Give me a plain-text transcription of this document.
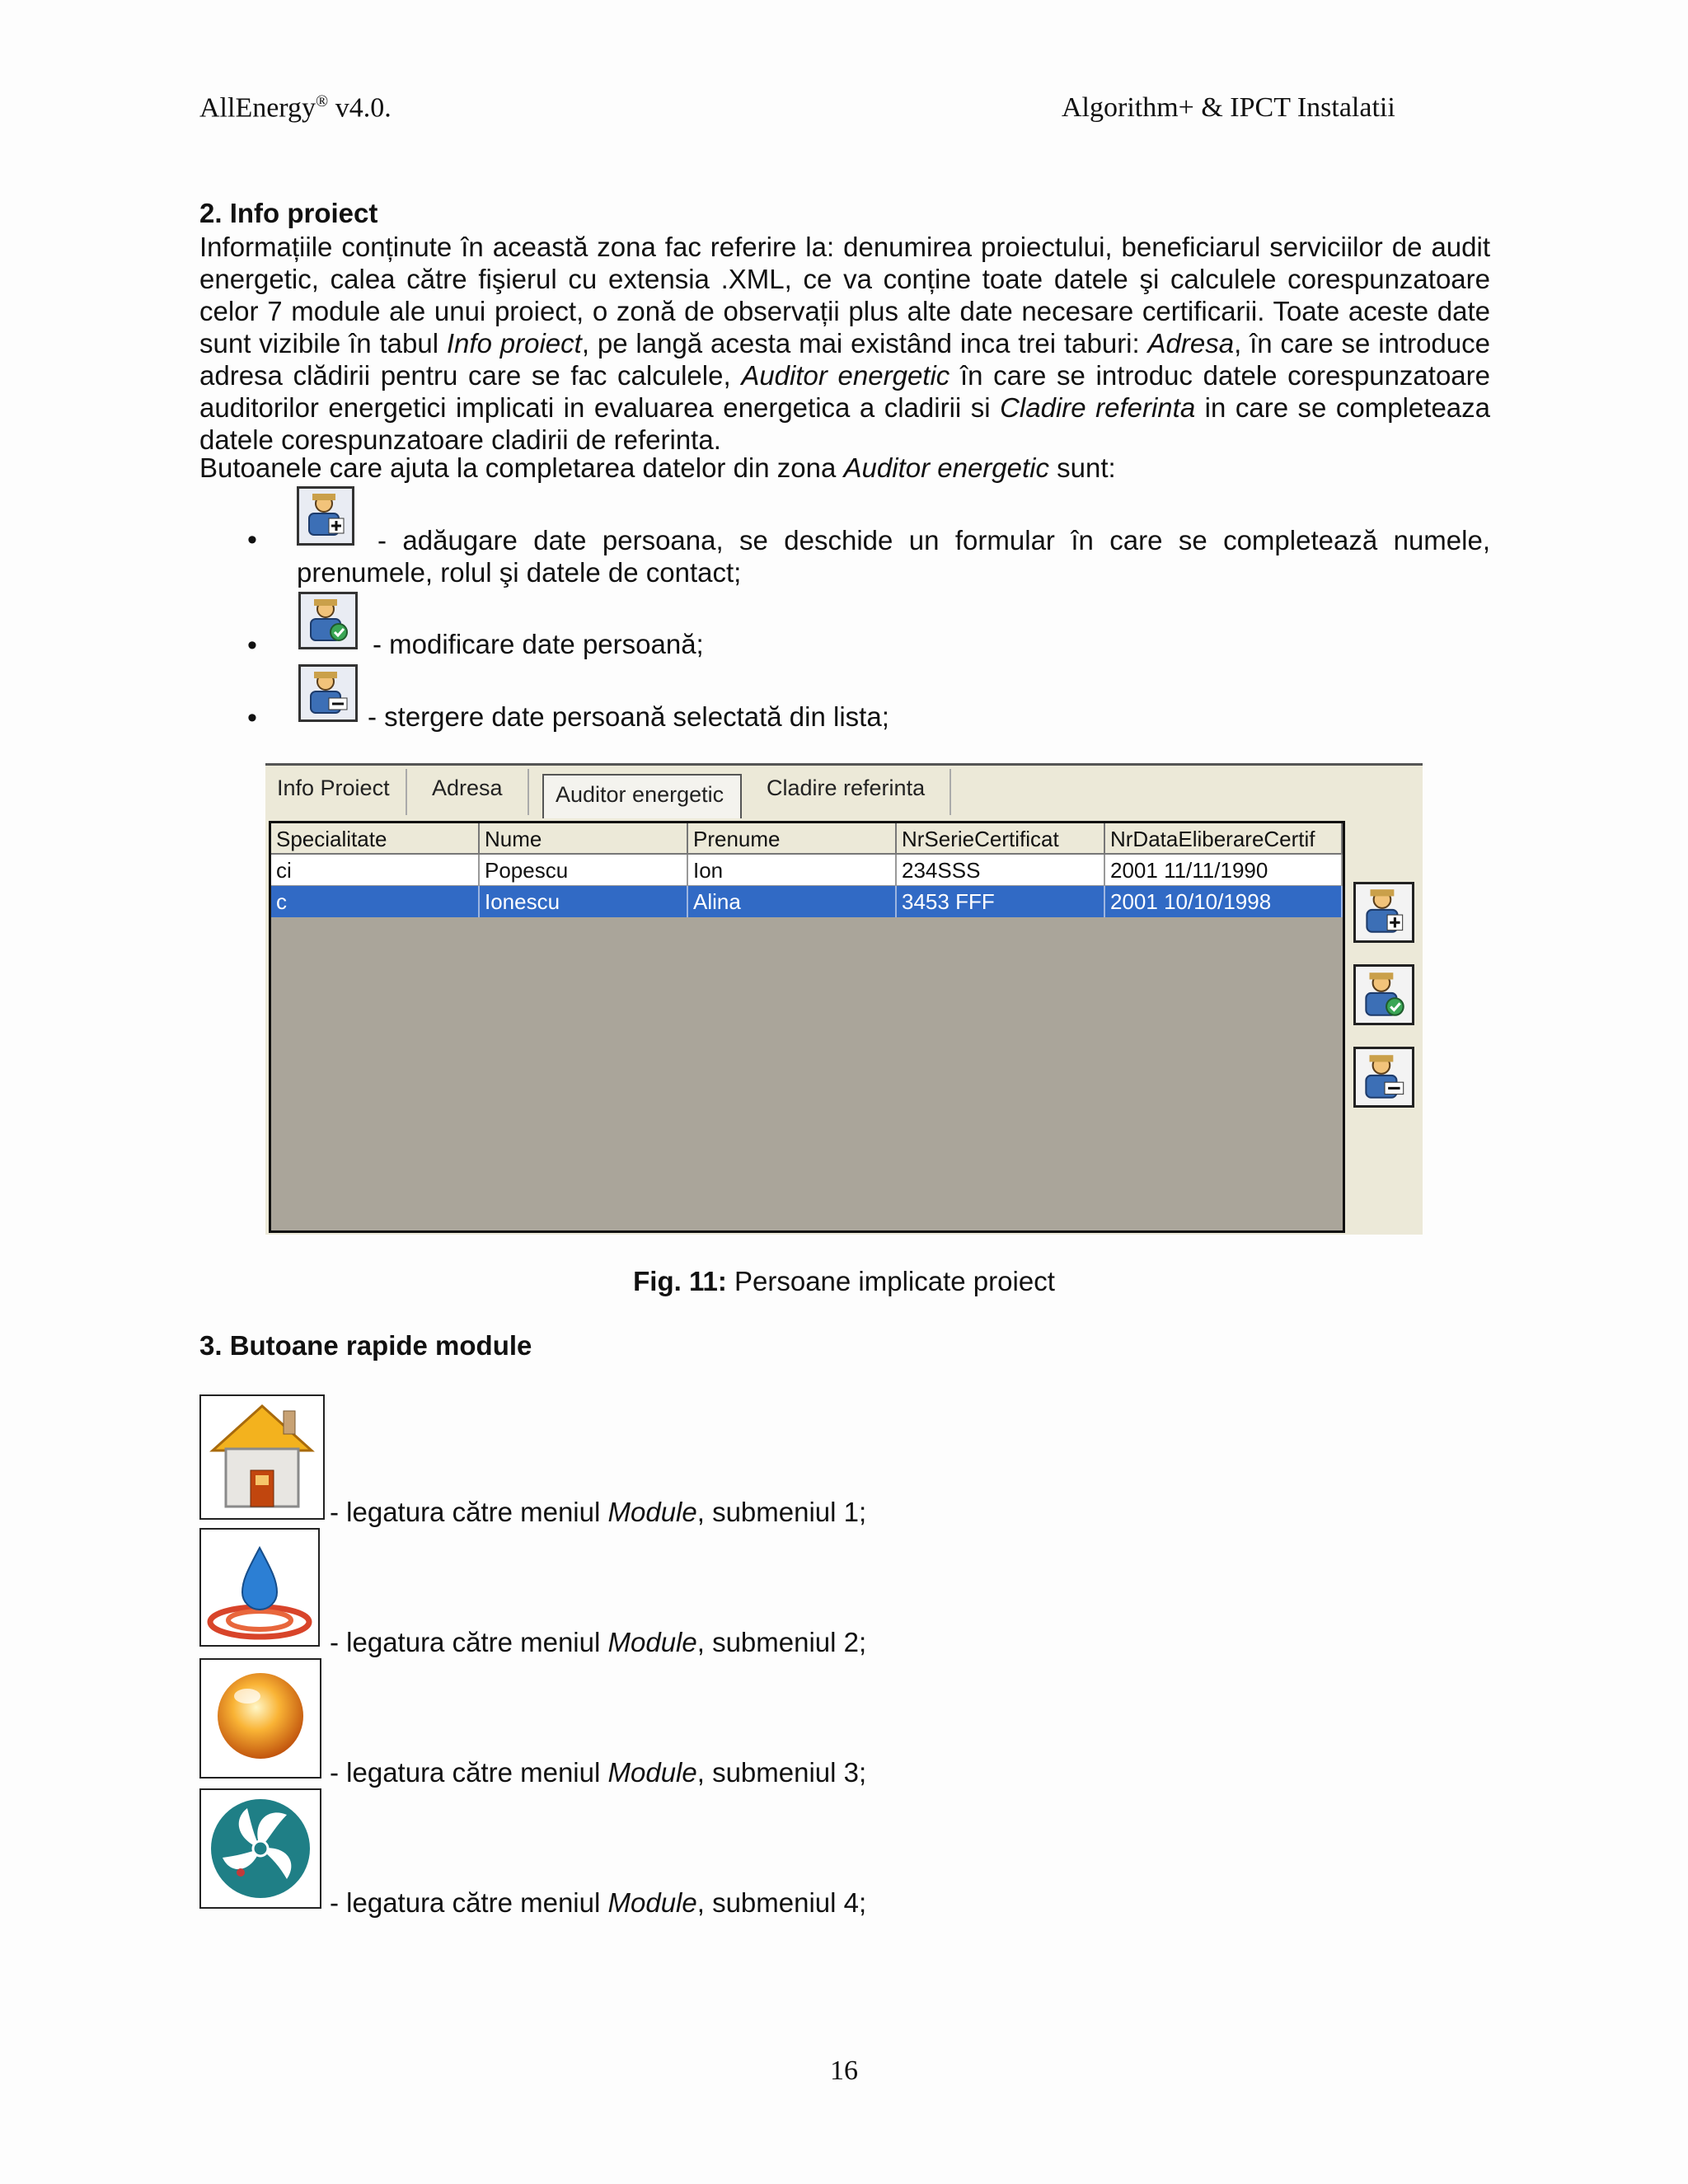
AllEnergy® v4.0.	Algorithm+ & IPCT Instalatii
2. Info proiect
Informațiile conținute în această zona fac referire la: denumirea proiectului, beneficiarul serviciilor de audit energetic, calea către fişierul cu extensia .XML, ce va conține toate datele şi calculele corespunzatoare celor 7 module ale unui proiect, o zonă de observații plus alte date necesare certificarii. Toate aceste date sunt vizibile în tabul Info proiect, pe langă acesta mai existând inca trei taburi: Adresa, în care se introduce adresa clădirii pentru care se fac calculele, Auditor energetic în care se introduc datele corespunzatoare auditorilor energetici implicati in evaluarea energetica a cladirii si Cladire referinta in care se completeaza datele corespunzatoare cladirii de referinta.
Butoanele care ajuta la completarea datelor din zona Auditor energetic sunt:
•	- adăugare date persoana, se deschide un formular în care se completează numele,
prenumele, rolul şi datele de contact;
•	- modificare date persoană;
•	- stergere date persoană selectată din lista;
Info Proiect	Adresa	Auditor energetic	Cladire referinta
Specialitate	Nume	Prenume	NrSerieCertificat	NrDataEliberareCertif
ci	Popescu	Ion	234SSS	2001 11/11/1990
c	Ionescu	Alina	3453 FFF	2001 10/10/1998
Fig. 11: Persoane implicate proiect
3. Butoane rapide module
- legatura către meniul Module, submeniul 1;
- legatura către meniul Module, submeniul 2;
- legatura către meniul Module, submeniul 3;
- legatura către meniul Module, submeniul 4;
16
